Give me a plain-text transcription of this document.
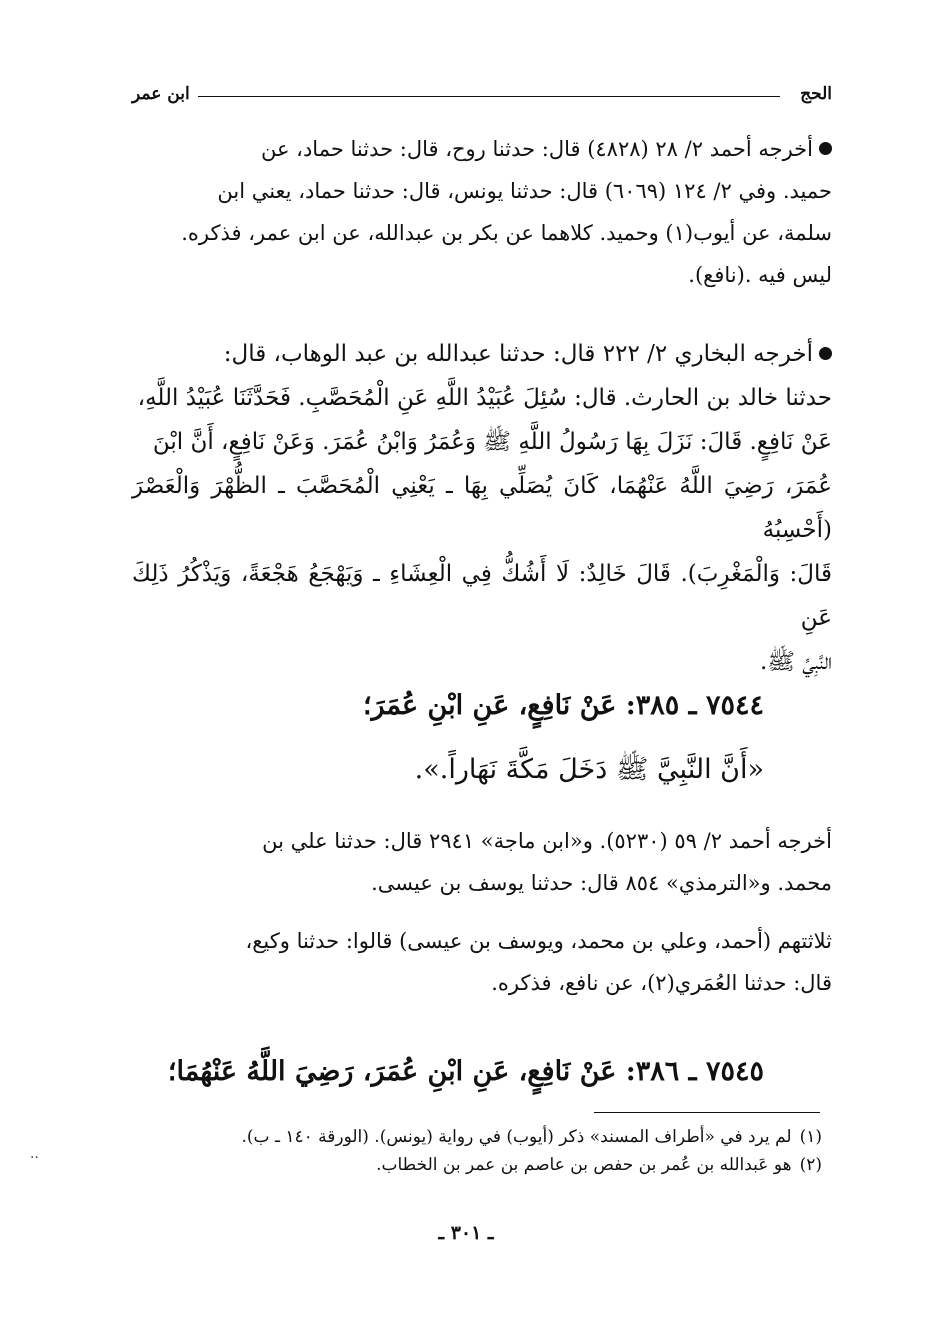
الحج
ابن عمر
أخرجه أحمد ٢/ ٢٨ (٤٨٢٨) قال: حدثنا روح، قال: حدثنا حماد، عن
حميد. وفي ٢/ ١٢٤ (٦٠٦٩) قال: حدثنا يونس، قال: حدثنا حماد، يعني ابن
سلمة، عن أيوب(١) وحميد. كلاهما عن بكر بن عبدالله، عن ابن عمر، فذكره.
ليس فيه .(نافع).
أخرجه البخاري ٢/ ٢٢٢ قال: حدثنا عبدالله بن عبد الوهاب، قال:
حدثنا خالد بن الحارث. قال: سُئِلَ عُبَيْدُ اللَّهِ عَنِ الْمُحَصَّبِ. فَحَدَّثَنَا عُبَيْدُ اللَّهِ،
عَنْ نَافِعٍ. قَالَ: نَزَلَ بِهَا رَسُولُ اللَّهِ ﷺ وَعُمَرُ وَابْنُ عُمَرَ. وَعَنْ نَافِعٍ، أَنَّ ابْنَ
عُمَرَ، رَضِيَ اللَّهُ عَنْهُمَا، كَانَ يُصَلِّي بِهَا ـ يَعْنِي الْمُحَصَّبَ ـ الظُّهْرَ وَالْعَصْرَ (أَحْسِبُهُ
قَالَ: وَالْمَغْرِبَ). قَالَ خَالِدٌ: لَا أَشُكُّ فِي الْعِشَاءِ ـ وَيَهْجَعُ هَجْعَةً، وَيَذْكُرُ ذَلِكَ عَنِ
النَّبِيِّ ﷺ.
٧٥٤٤ ـ ٣٨٥: عَنْ نَافِعٍ، عَنِ ابْنِ عُمَرَ؛
«أَنَّ النَّبِيَّ ﷺ دَخَلَ مَكَّةَ نَهَاراً.».
أخرجه أحمد ٢/ ٥٩ (٥٢٣٠). و«ابن ماجة» ٢٩٤١ قال: حدثنا علي بن
محمد. و«الترمذي» ٨٥٤ قال: حدثنا يوسف بن عيسى.
ثلاثتهم (أحمد، وعلي بن محمد، ويوسف بن عيسى) قالوا: حدثنا وكيع،
قال: حدثنا العُمَري(٢)، عن نافع، فذكره.
٧٥٤٥ ـ ٣٨٦: عَنْ نَافِعٍ، عَنِ ابْنِ عُمَرَ، رَضِيَ اللَّهُ عَنْهُمَا؛
(١)لم يرد في «أطراف المسند» ذكر (أيوب) في رواية (يونس). (الورقة ١٤٠ ـ ب).
(٢)هو عَبدالله بن عُمر بن حفص بن عاصم بن عمر بن الخطاب.
··
ـ ٣٠١ ـ
